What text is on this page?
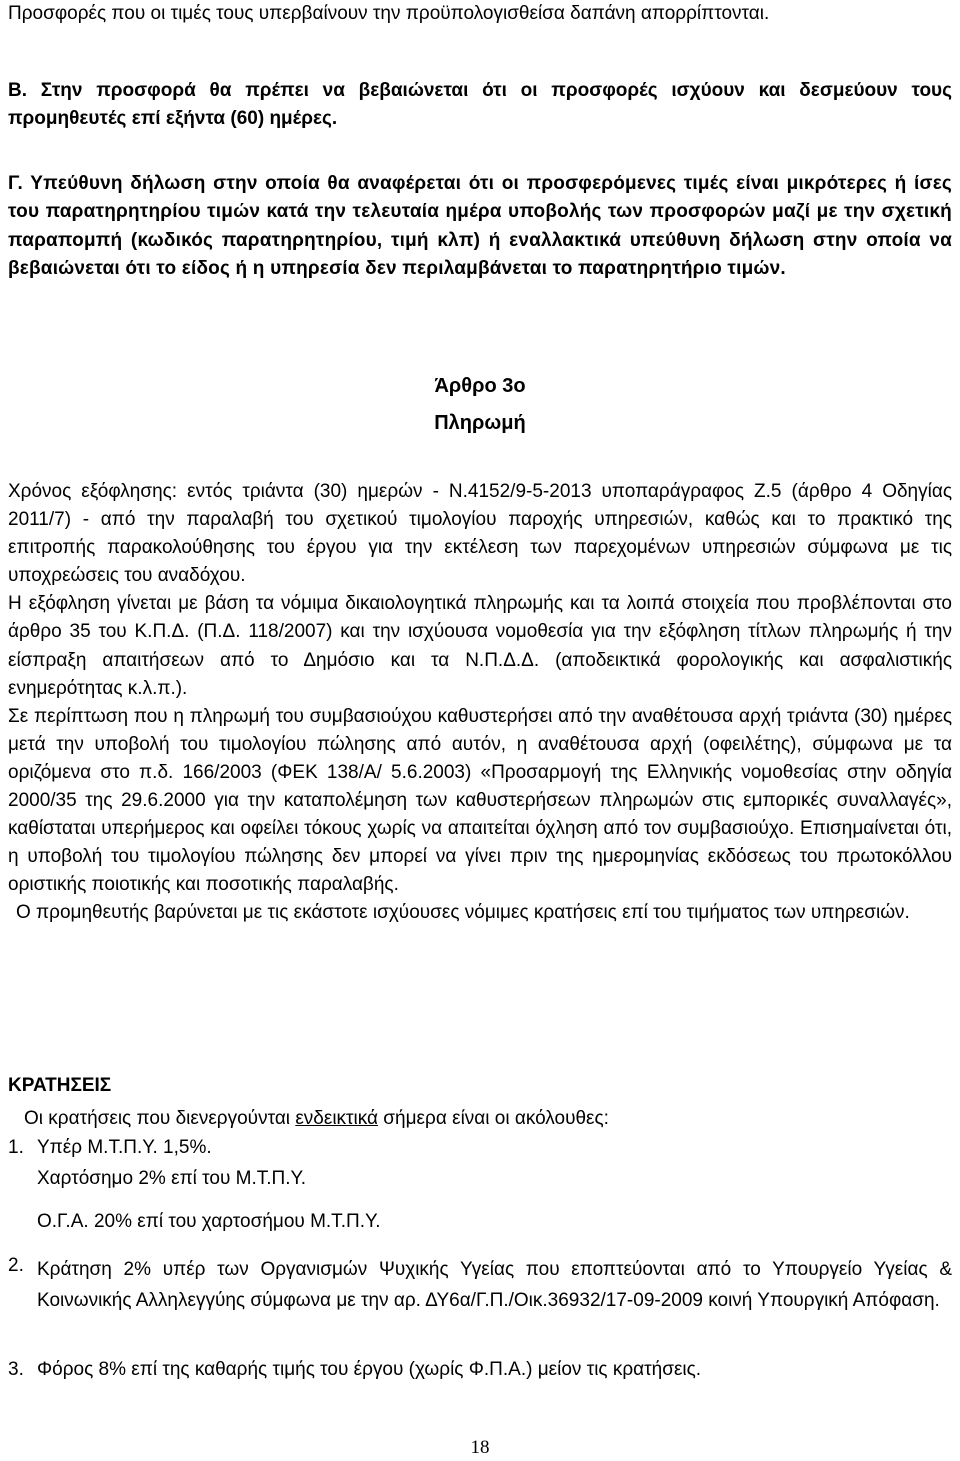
Προσφορές που οι τιμές τους υπερβαίνουν την προϋπολογισθείσα δαπάνη απορρίπτονται.

Β. Στην προσφορά θα πρέπει να βεβαιώνεται ότι οι προσφορές ισχύουν και δεσμεύουν τους προμηθευτές επί εξήντα (60) ημέρες.

Γ. Υπεύθυνη δήλωση στην οποία θα αναφέρεται ότι οι προσφερόμενες τιμές είναι μικρότερες ή ίσες του παρατηρητηρίου τιμών κατά την τελευταία ημέρα υποβολής των προσφορών μαζί με την σχετική παραπομπή (κωδικός παρατηρητηρίου, τιμή κλπ) ή εναλλακτικά υπεύθυνη δήλωση στην οποία να βεβαιώνεται ότι το είδος ή η υπηρεσία δεν περιλαμβάνεται το παρατηρητήριο τιμών.

Άρθρο 3ο

Πληρωμή

Χρόνος εξόφλησης: εντός τριάντα (30) ημερών - Ν.4152/9-5-2013 υποπαράγραφος Ζ.5 (άρθρο 4 Οδηγίας 2011/7) - από την παραλαβή του σχετικού τιμολογίου παροχής υπηρεσιών, καθώς και το πρακτικό της επιτροπής παρακολούθησης του έργου για την εκτέλεση των παρεχομένων υπηρεσιών σύμφωνα με τις υποχρεώσεις του αναδόχου.

Η εξόφληση γίνεται με βάση τα νόμιμα δικαιολογητικά πληρωμής και τα λοιπά στοιχεία που προβλέπονται στο άρθρο 35 του Κ.Π.Δ. (Π.Δ. 118/2007) και την ισχύουσα νομοθεσία για την εξόφληση τίτλων πληρωμής ή την είσπραξη απαιτήσεων από το Δημόσιο και τα Ν.Π.Δ.Δ. (αποδεικτικά φορολογικής και ασφαλιστικής ενημερότητας κ.λ.π.).

Σε περίπτωση που η πληρωμή του συμβασιούχου καθυστερήσει από την αναθέτουσα αρχή τριάντα (30) ημέρες μετά την υποβολή του τιμολογίου πώλησης από αυτόν, η αναθέτουσα αρχή (οφειλέτης), σύμφωνα με τα οριζόμενα στο π.δ. 166/2003 (ΦΕΚ 138/Α/ 5.6.2003) «Προσαρμογή της Ελληνικής νομοθεσίας στην οδηγία 2000/35 της 29.6.2000 για την καταπολέμηση των καθυστερήσεων πληρωμών στις εμπορικές συναλλαγές», καθίσταται υπερήμερος και οφείλει τόκους χωρίς να απαιτείται όχληση από τον συμβασιούχο. Επισημαίνεται ότι, η υποβολή του τιμολογίου πώλησης δεν μπορεί να γίνει πριν της ημερομηνίας εκδόσεως του πρωτοκόλλου οριστικής ποιοτικής και ποσοτικής παραλαβής.

Ο προμηθευτής βαρύνεται με τις εκάστοτε ισχύουσες νόμιμες κρατήσεις επί του τιμήματος των υπηρεσιών.

ΚΡΑΤΗΣΕΙΣ

Οι κρατήσεις που διενεργούνται ενδεικτικά σήμερα είναι οι ακόλουθες:

1. Υπέρ Μ.Τ.Π.Υ. 1,5%.

Χαρτόσημο 2% επί του Μ.Τ.Π.Υ.

Ο.Γ.Α. 20% επί του χαρτοσήμου Μ.Τ.Π.Υ.

2. Κράτηση 2% υπέρ των Οργανισμών Ψυχικής Υγείας που εποπτεύονται από το Υπουργείο Υγείας & Κοινωνικής Αλληλεγγύης σύμφωνα με την αρ. ΔΥ6α/Γ.Π./Οικ.36932/17-09-2009 κοινή Υπουργική Απόφαση.

3. Φόρος 8% επί της καθαρής τιμής του έργου (χωρίς Φ.Π.Α.) μείον τις κρατήσεις.

18
